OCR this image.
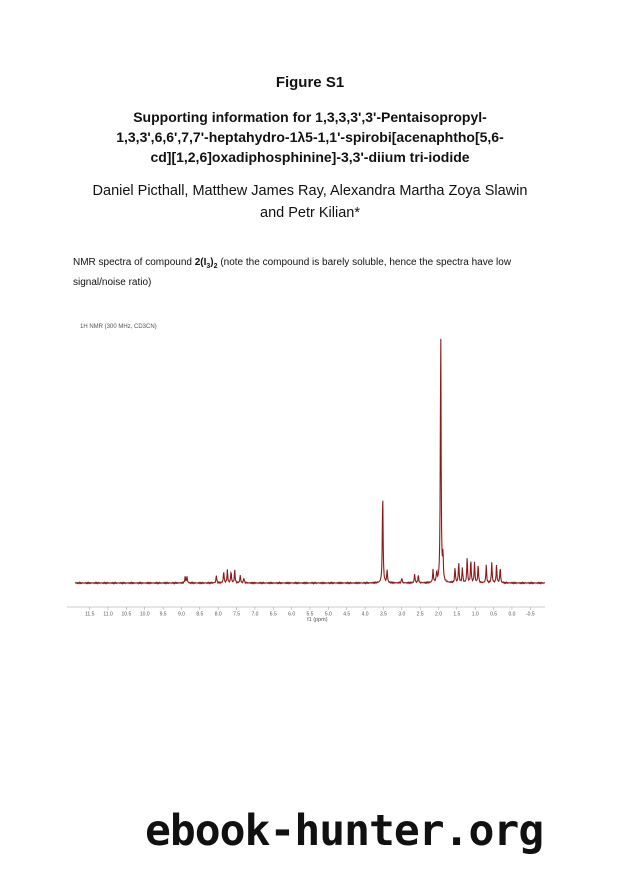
Figure S1
Supporting information for 1,3,3,3',3'-Pentaisopropyl-
1,3,3',6,6',7,7'-heptahydro-1λ5-1,1'-spirobi[acenaphtho[5,6-
cd][1,2,6]oxadiphosphinine]-3,3'-diium tri-iodide
Daniel Picthall, Matthew James Ray, Alexandra Martha Zoya Slawin
and Petr Kilian*
NMR spectra of compound $2(I_3)_2$ (note the compound is barely soluble, hence the spectra have low signal/noise ratio)
1H NMR (300 MHz, CD3CN)
11.5 11.0 10.5 10.0 9.5 9.0 8.5 8.0 7.5 7.0 6.5 6.0 5.5 5.0 4.5 4.0 3.5 3.0 2.5 2.0 1.5 1.0 0.5 0.0 -0.5
f1 (ppm)
ebook-hunter.org
